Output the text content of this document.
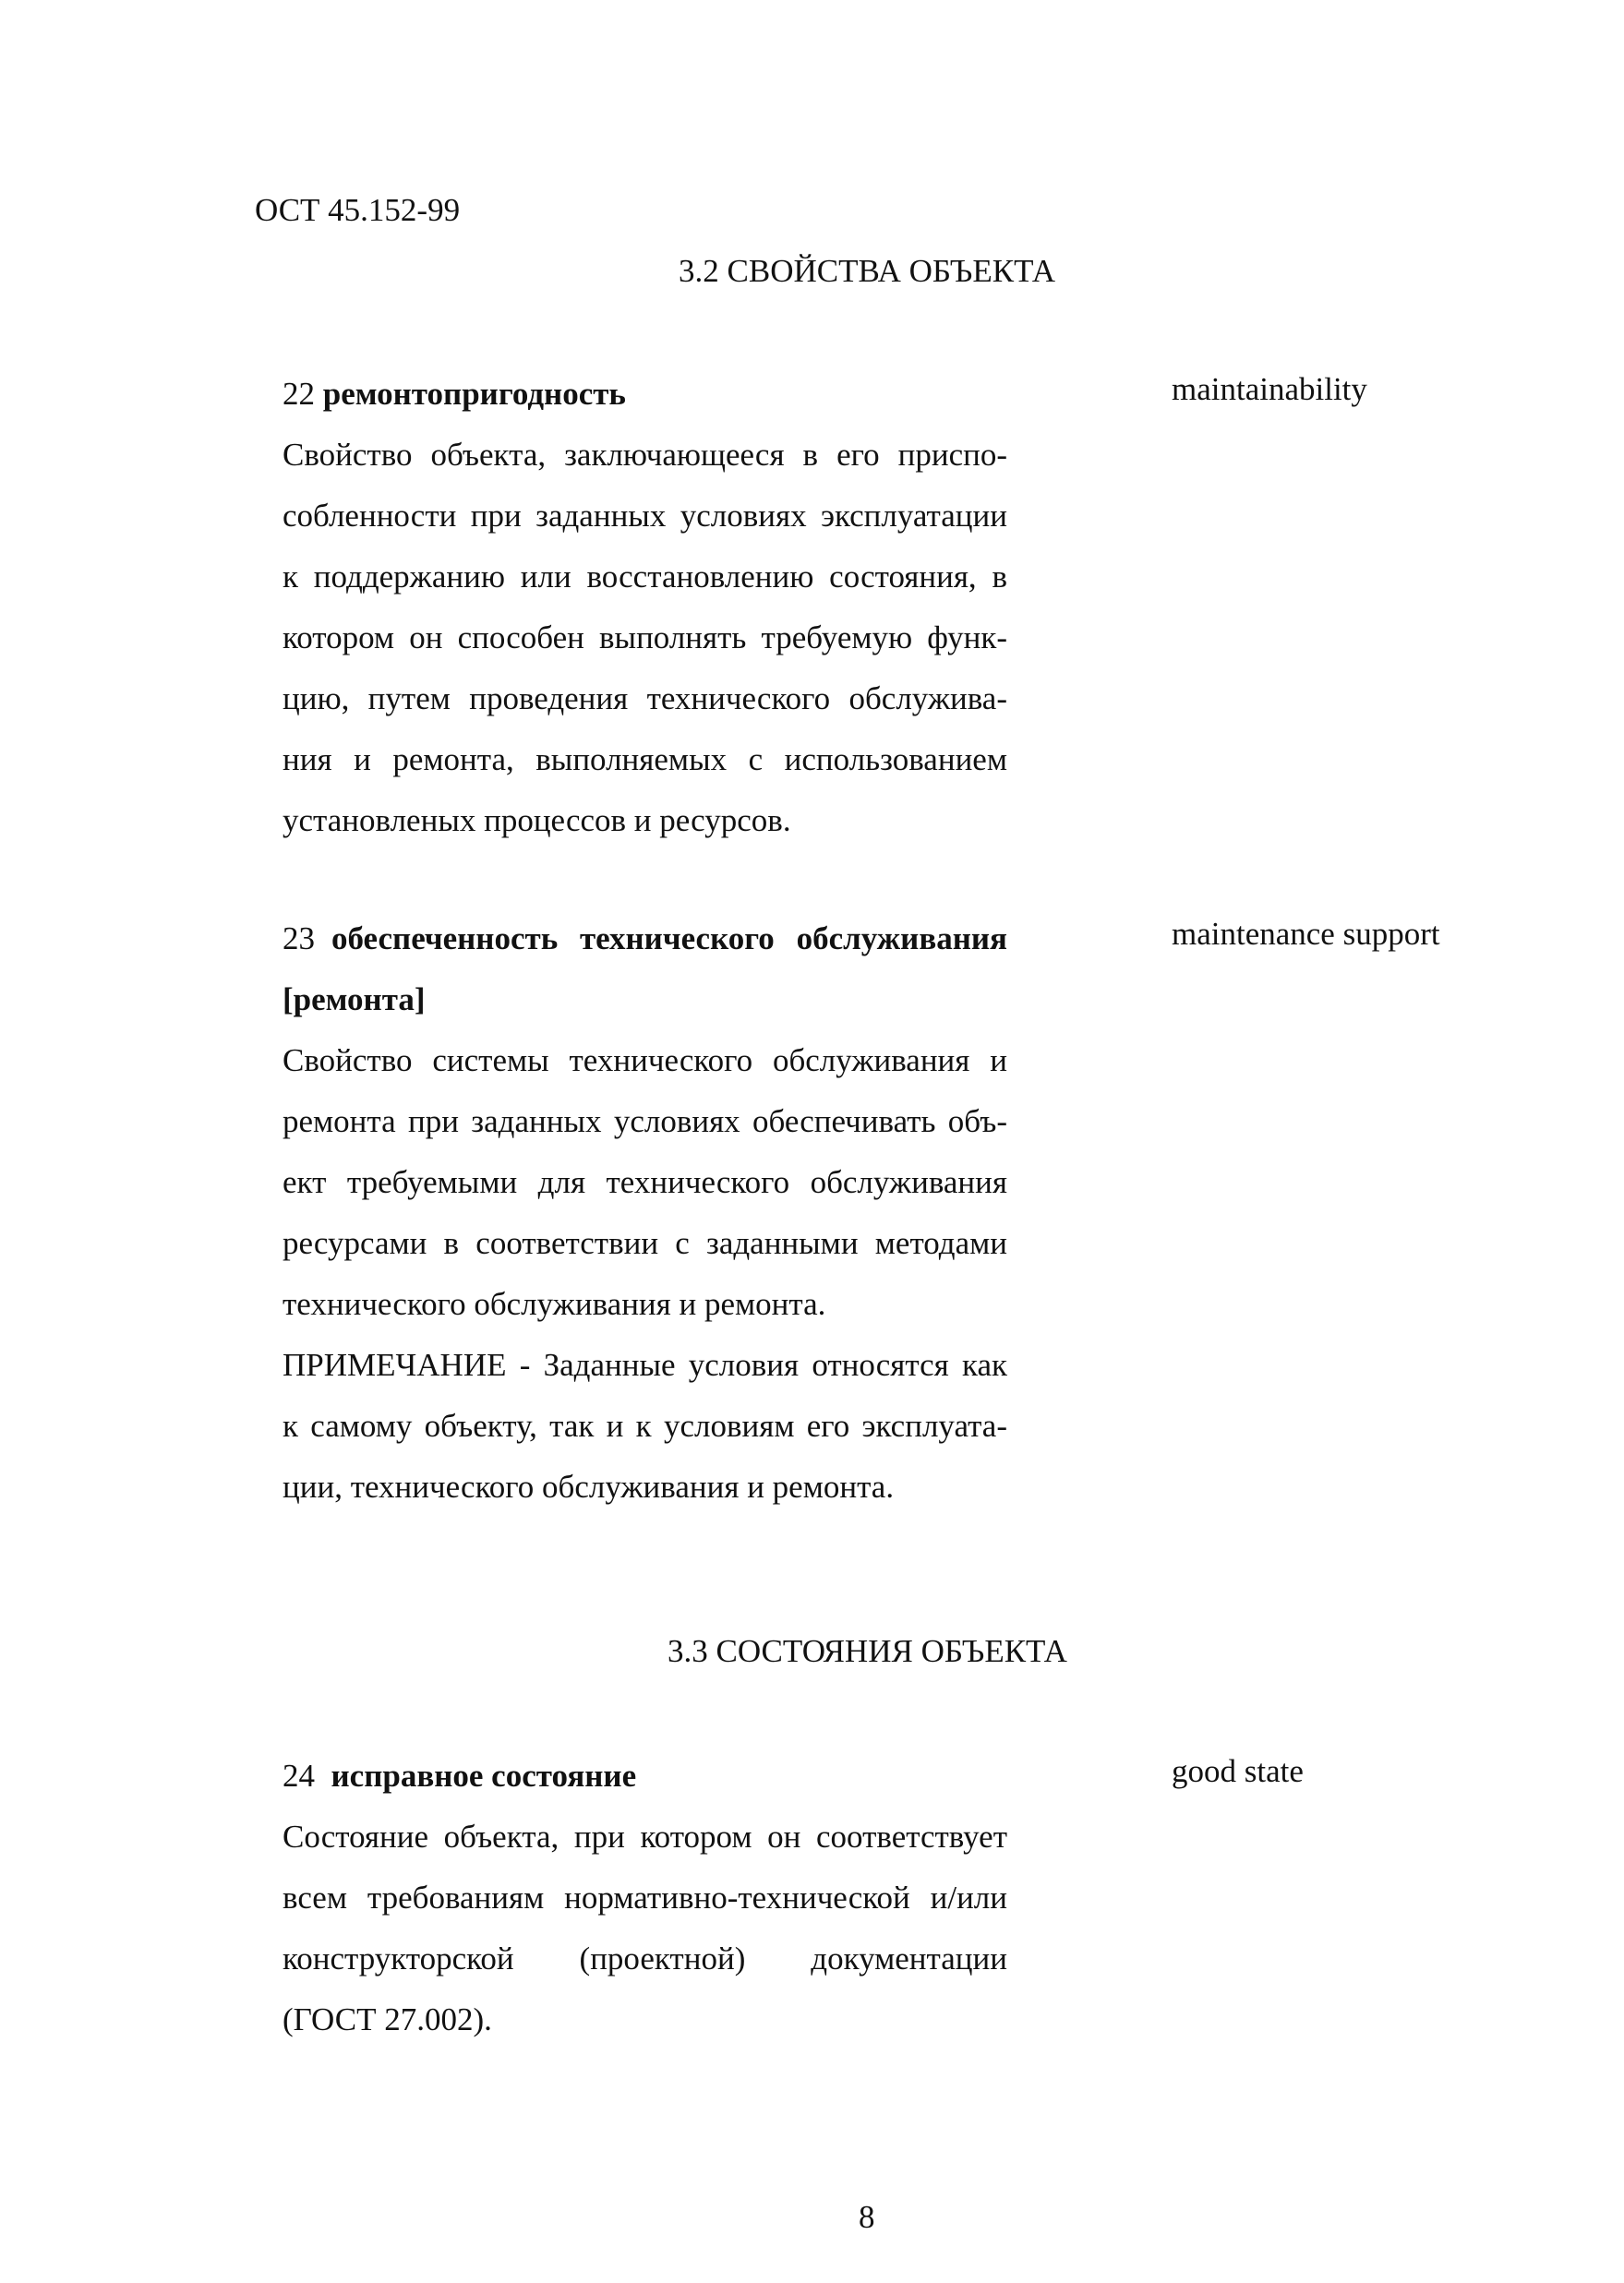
ОСТ 45.152-99
3.2 СВОЙСТВА ОБЪЕКТА
22 ремонтопригодность
Свойство объекта, заключающееся в его приспо-
собленности при заданных условиях эксплуатации
к поддержанию или восстановлению состояния, в
котором он способен выполнять требуемую функ-
цию, путем проведения технического обслужива-
ния и ремонта, выполняемых с использованием
установленых процессов и ресурсов.
maintainability
23 обеспеченность технического обслуживания
[ремонта]
Свойство системы технического обслуживания и
ремонта при заданных условиях обеспечивать объ-
ект требуемыми для технического обслуживания
ресурсами в соответствии с заданными методами
технического обслуживания и ремонта.
ПРИМЕЧАНИЕ - Заданные условия относятся как
к самому объекту, так и к условиям его эксплуата-
ции, технического обслуживания и ремонта.
maintenance support
3.3 СОСТОЯНИЯ ОБЪЕКТА
24 исправное состояние
Состояние объекта, при котором он соответствует
всем требованиям нормативно-технической и/или
конструкторской (проектной) документации
(ГОСТ 27.002).
good state
8
